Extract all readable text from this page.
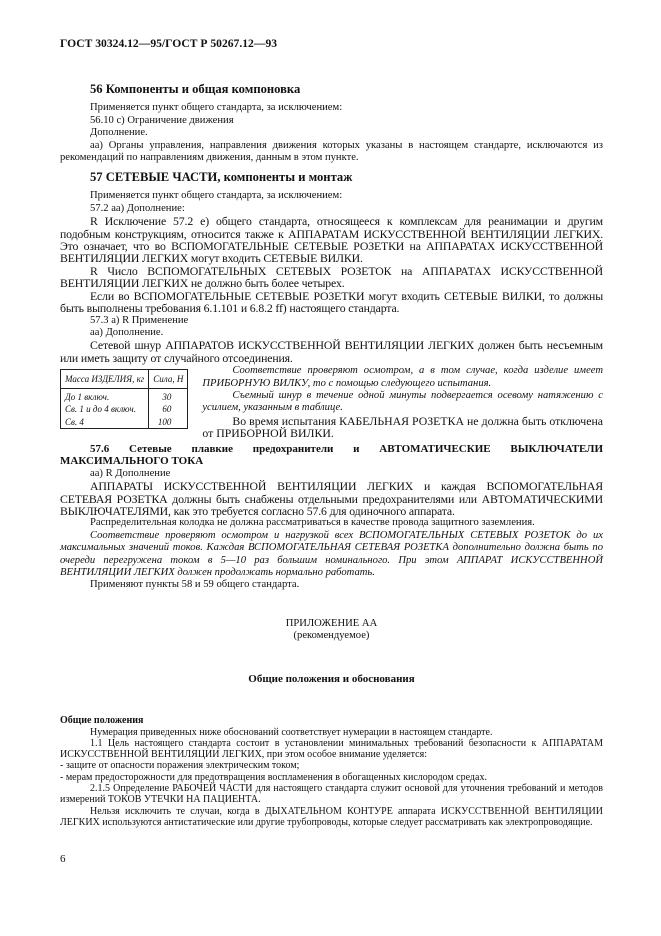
ГОСТ 30324.12—95/ГОСТ Р 50267.12—93
56 Компоненты и общая компоновка

Применяется пункт общего стандарта, за исключением:

56.10 с) Ограничение движения

Дополнение.

аа) Органы управления, направления движения которых указаны в настоящем стандарте, исключаются из рекомендаций по направлениям движения, данным в этом пункте.

57 СЕТЕВЫЕ ЧАСТИ, компоненты и монтаж

Применяется пункт общего стандарта, за исключением:

57.2 аа) Дополнение:

R Исключение 57.2 е) общего стандарта, относящееся к комплексам для реанимации и другим подобным конструкциям, относится также к АППАРАТАМ ИСКУССТВЕННОЙ ВЕНТИЛЯЦИИ ЛЕГКИХ. Это означает, что во ВСПОМОГАТЕЛЬНЫЕ СЕТЕВЫЕ РОЗЕТКИ на АППАРАТАХ ИСКУССТВЕННОЙ ВЕНТИЛЯЦИИ ЛЕГКИХ могут входить СЕТЕВЫЕ ВИЛКИ.

R Число ВСПОМОГАТЕЛЬНЫХ СЕТЕВЫХ РОЗЕТОК на АППАРАТАХ ИСКУССТВЕННОЙ ВЕНТИЛЯЦИИ ЛЕГКИХ не должно быть более четырех.

Если во ВСПОМОГАТЕЛЬНЫЕ СЕТЕВЫЕ РОЗЕТКИ могут входить СЕТЕВЫЕ ВИЛКИ, то должны быть выполнены требования 6.1.101 и 6.8.2 ff) настоящего стандарта.

57.3 а) R Применение

аа) Дополнение.

Сетевой шнур АППАРАТОВ ИСКУССТВЕННОЙ ВЕНТИЛЯЦИИ ЛЕГКИХ должен быть несъемным или иметь защиту от случайного отсоединения.

Масса ИЗДЕЛИЯ, кг	Сила, Н
До 1 включ.	30
Св. 1 и до 4 включ.	60
Св. 4	100

Соответствие проверяют осмотром, а в том случае, когда изделие имеет ПРИБОРНУЮ ВИЛКУ, то с помощью следующего испытания.

Съемный шнур в течение одной минуты подвергается осевому натяжению с усилием, указанным в таблице.

Во время испытания КАБЕЛЬНАЯ РОЗЕТКА не должна быть отключена от ПРИБОРНОЙ ВИЛКИ.

57.6 Сетевые плавкие предохранители и АВТОМАТИЧЕСКИЕ ВЫКЛЮЧАТЕЛИ МАКСИМАЛЬНОГО ТОКА

аа) R Дополнение

АППАРАТЫ ИСКУССТВЕННОЙ ВЕНТИЛЯЦИИ ЛЕГКИХ и каждая ВСПОМОГАТЕЛЬНАЯ СЕТЕВАЯ РОЗЕТКА должны быть снабжены отдельными предохранителями или АВТОМАТИЧЕСКИМИ ВЫКЛЮЧАТЕЛЯМИ, как это требуется согласно 57.6 для одиночного аппарата.

Распределительная колодка не должна рассматриваться в качестве провода защитного заземления.

Соответствие проверяют осмотром и нагрузкой всех ВСПОМОГАТЕЛЬНЫХ СЕТЕВЫХ РОЗЕТОК до их максимальных значений токов. Каждая ВСПОМОГАТЕЛЬНАЯ СЕТЕВАЯ РОЗЕТКА дополнительно должна быть по очереди перегружена током в 5—10 раз большим номинального. При этом АППАРАТ ИСКУССТВЕННОЙ ВЕНТИЛЯЦИИ ЛЕГКИХ должен продолжать нормально работать.

Применяют пункты 58 и 59 общего стандарта.

ПРИЛОЖЕНИЕ АА
(рекомендуемое)
Общие положения и обоснования

Общие положения

Нумерация приведенных ниже обоснований соответствует нумерации в настоящем стандарте.

1.1 Цель настоящего стандарта состоит в установлении минимальных требований безопасности к АППАРАТАМ ИСКУССТВЕННОЙ ВЕНТИЛЯЦИИ ЛЕГКИХ, при этом особое внимание уделяется:

- защите от опасности поражения электрическим током;

- мерам предосторожности для предотвращения воспламенения в обогащенных кислородом средах.

2.1.5 Определение РАБОЧЕЙ ЧАСТИ для настоящего стандарта служит основой для уточнения требований и методов измерений ТОКОВ УТЕЧКИ НА ПАЦИЕНТА.

Нельзя исключить те случаи, когда в ДЫХАТЕЛЬНОМ КОНТУРЕ аппарата ИСКУССТВЕННОЙ ВЕНТИЛЯЦИИ ЛЕГКИХ используются антистатические или другие трубопроводы, которые следует рассматривать как электропроводящие.

6
